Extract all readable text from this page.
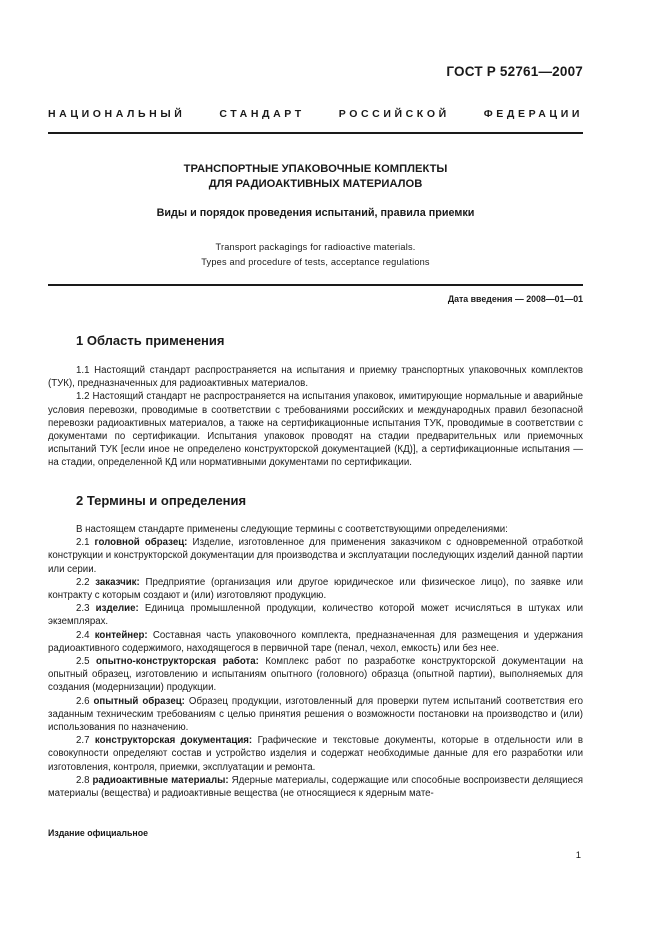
ГОСТ Р 52761—2007
НАЦИОНАЛЬНЫЙ	СТАНДАРТ	РОССИЙСКОЙ	ФЕДЕРАЦИИ
ТРАНСПОРТНЫЕ УПАКОВОЧНЫЕ КОМПЛЕКТЫ
ДЛЯ РАДИОАКТИВНЫХ МАТЕРИАЛОВ
Виды и порядок проведения испытаний, правила приемки
Transport packagings for radioactive materials.
Types and procedure of tests, acceptance regulations
Дата введения — 2008—01—01
1 Область применения

1.1 Настоящий стандарт распространяется на испытания и приемку транспортных упаковочных комплектов (ТУК), предназначенных для радиоактивных материалов.

1.2 Настоящий стандарт не распространяется на испытания упаковок, имитирующие нормальные и аварийные условия перевозки, проводимые в соответствии с требованиями российских и международных правил безопасной перевозки радиоактивных материалов, а также на сертификационные испытания ТУК, проводимые в соответствии с документами по сертификации. Испытания упаковок проводят на стадии предварительных или приемочных испытаний ТУК [если иное не определено конструкторской документацией (КД)], а сертификационные испытания — на стадии, определенной КД или нормативными документами по сертификации.

2 Термины и определения

В настоящем стандарте применены следующие термины с соответствующими определениями:

2.1 головной образец: Изделие, изготовленное для применения заказчиком с одновременной отработкой конструкции и конструкторской документации для производства и эксплуатации последующих изделий данной партии или серии.

2.2 заказчик: Предприятие (организация или другое юридическое или физическое лицо), по заявке или контракту с которым создают и (или) изготовляют продукцию.

2.3 изделие: Единица промышленной продукции, количество которой может исчисляться в штуках или экземплярах.

2.4 контейнер: Составная часть упаковочного комплекта, предназначенная для размещения и удержания радиоактивного содержимого, находящегося в первичной таре (пенал, чехол, емкость) или без нее.

2.5 опытно-конструкторская работа: Комплекс работ по разработке конструкторской документации на опытный образец, изготовлению и испытаниям опытного (головного) образца (опытной партии), выполняемых для создания (модернизации) продукции.

2.6 опытный образец: Образец продукции, изготовленный для проверки путем испытаний соответствия его заданным техническим требованиям с целью принятия решения о возможности постановки на производство и (или) использования по назначению.

2.7 конструкторская документация: Графические и текстовые документы, которые в отдельности или в совокупности определяют состав и устройство изделия и содержат необходимые данные для его разработки или изготовления, контроля, приемки, эксплуатации и ремонта.

2.8 радиоактивные материалы: Ядерные материалы, содержащие или способные воспроизвести делящиеся материалы (вещества) и радиоактивные вещества (не относящиеся к ядерным мате-

Издание официальное
1
